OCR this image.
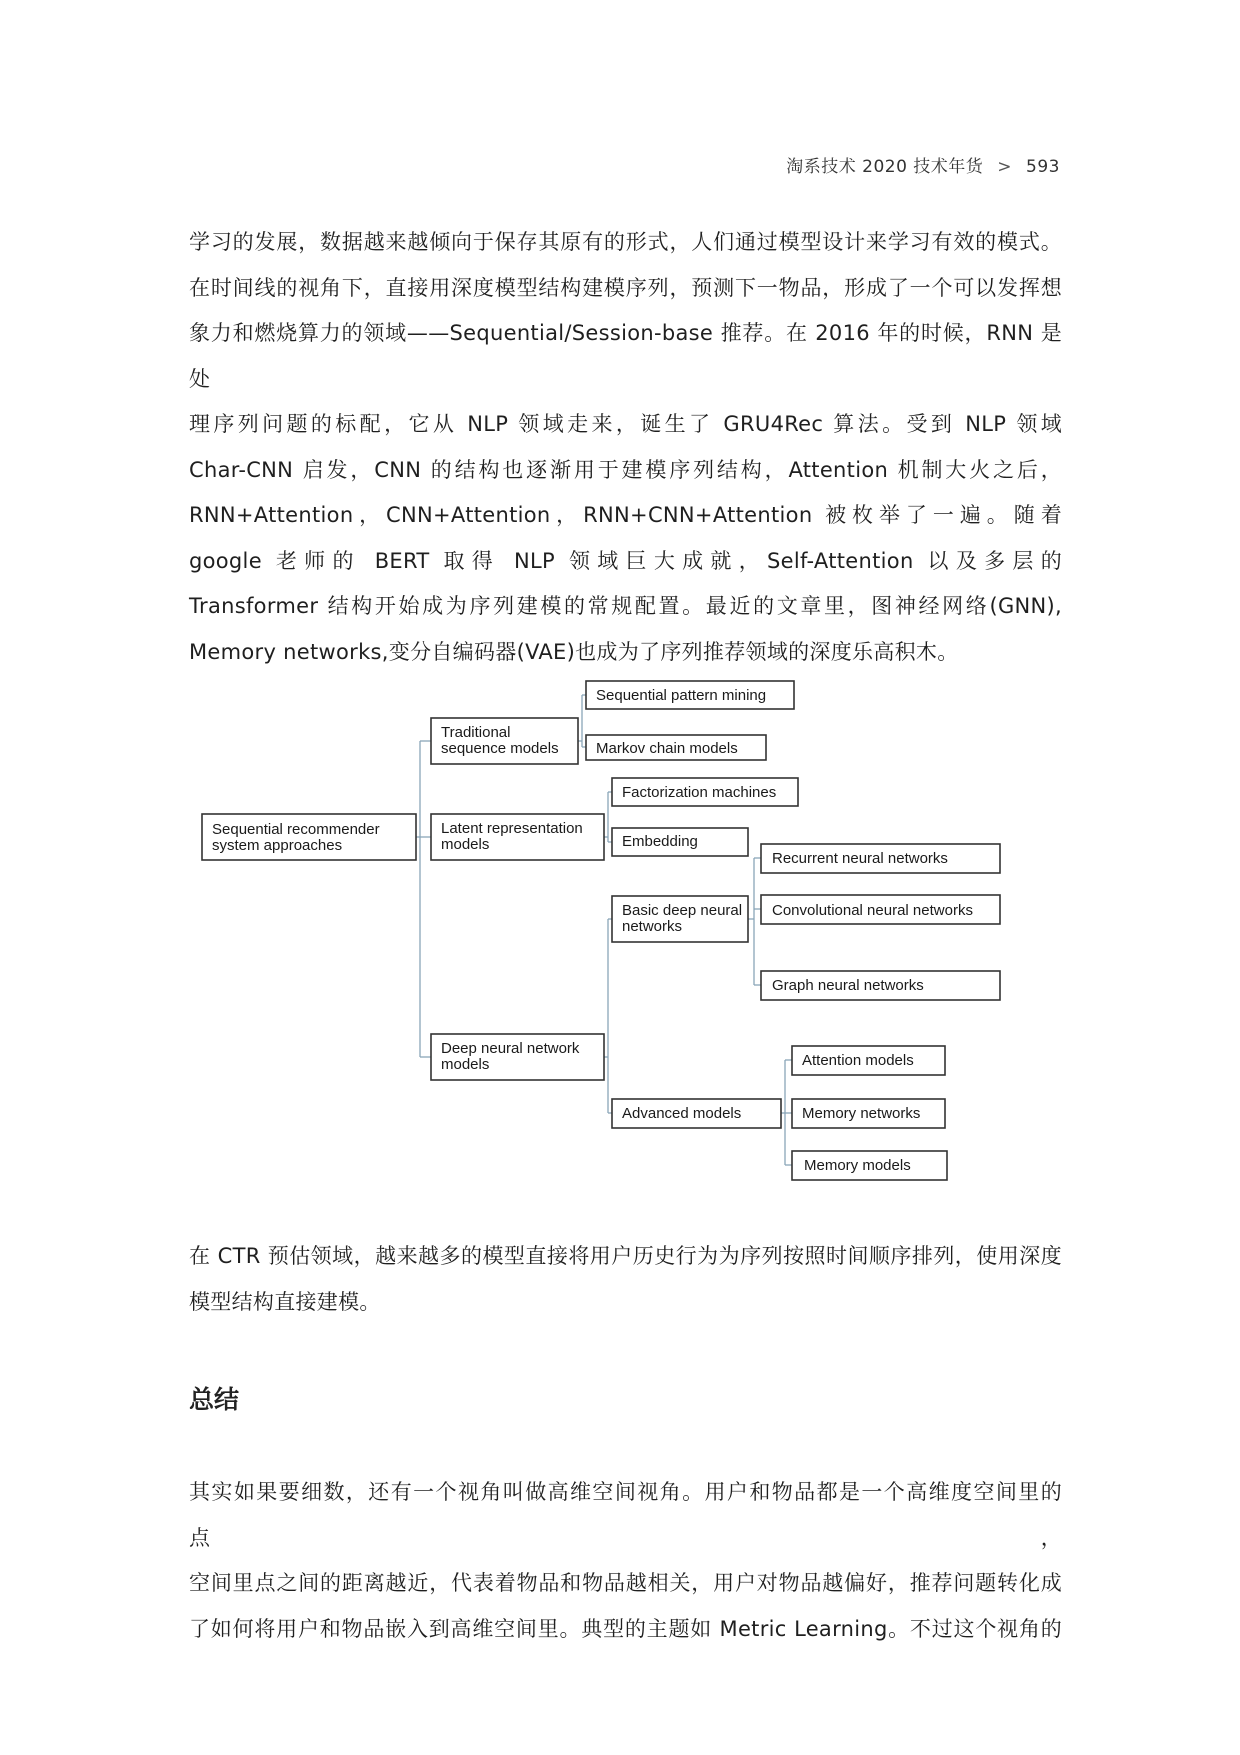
淘系技术 2020 技术年货 > 593

学习的发展，数据越来越倾向于保存其原有的形式，人们通过模型设计来学习有效的模式。

在时间线的视角下，直接用深度模型结构建模序列，预测下一物品，形成了一个可以发挥想

象力和燃烧算力的领域——Sequential/Session-base 推荐。在 2016 年的时候，RNN 是处

理序列问题的标配，它从 NLP 领域走来，诞生了 GRU4Rec 算法。受到 NLP 领域

Char-CNN 启发，CNN 的结构也逐渐用于建模序列结构，Attention 机制大火之后，

RNN+Attention，CNN+Attention，RNN+CNN+Attention 被枚举了一遍。随着

google 老师的 BERT 取得 NLP 领域巨大成就，Self-Attention 以及多层的

Transformer 结构开始成为序列建模的常规配置。最近的文章里，图神经网络(GNN),

Memory networks,变分自编码器(VAE)也成为了序列推荐领域的深度乐高积木。

Sequential recommender system approaches
Traditional sequence models
Latent representation models
Deep neural network models
Sequential pattern mining
Markov chain models
Factorization machines
Embedding
Basic deep neural networks
Advanced models
Recurrent neural networks
Convolutional neural networks
Graph neural networks
Attention models
Memory networks
Memory models

在 CTR 预估领域，越来越多的模型直接将用户历史行为为序列按照时间顺序排列，使用深度

模型结构直接建模。

总结

其实如果要细数，还有一个视角叫做高维空间视角。用户和物品都是一个高维度空间里的点，

空间里点之间的距离越近，代表着物品和物品越相关，用户对物品越偏好，推荐问题转化成

了如何将用户和物品嵌入到高维空间里。典型的主题如 Metric Learning。不过这个视角的
